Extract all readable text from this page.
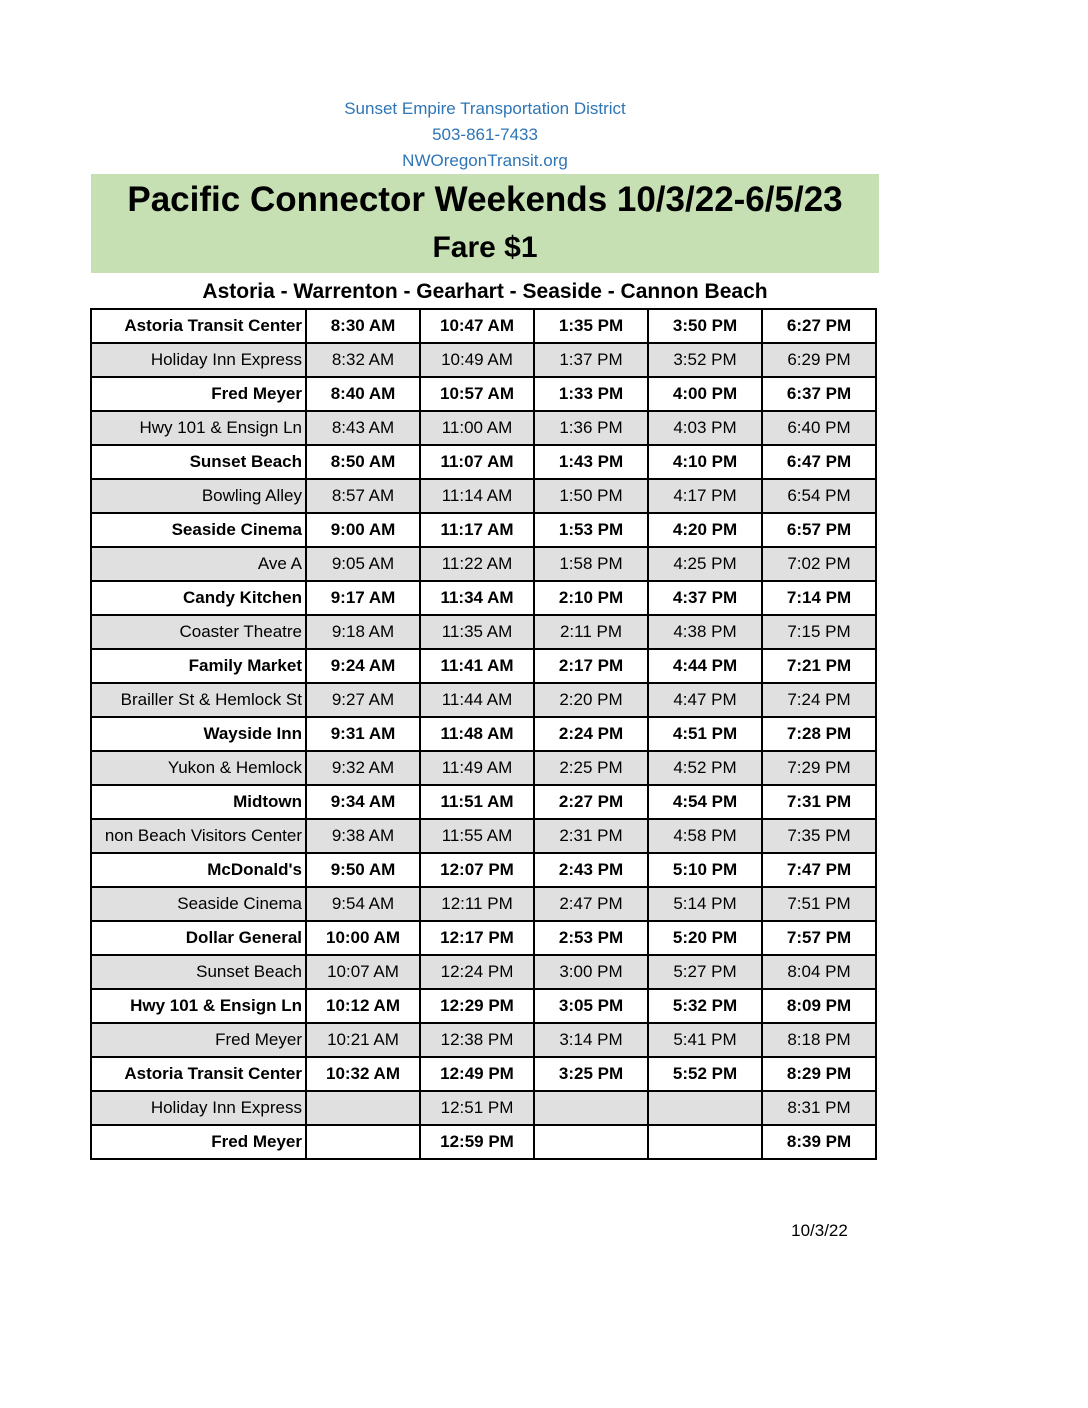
Sunset Empire Transportation District
503-861-7433
NWOregonTransit.org
Pacific Connector Weekends 10/3/22-6/5/23
Fare $1
Astoria - Warrenton - Gearhart - Seaside - Cannon Beach
Astoria Transit Center	8:30 AM	10:47 AM	1:35 PM	3:50 PM	6:27 PM
Holiday Inn Express	8:32 AM	10:49 AM	1:37 PM	3:52 PM	6:29 PM
Fred Meyer	8:40 AM	10:57 AM	1:33 PM	4:00 PM	6:37 PM
Hwy 101 & Ensign Ln	8:43 AM	11:00 AM	1:36 PM	4:03 PM	6:40 PM
Sunset Beach	8:50 AM	11:07 AM	1:43 PM	4:10 PM	6:47 PM
Bowling Alley	8:57 AM	11:14 AM	1:50 PM	4:17 PM	6:54 PM
Seaside Cinema	9:00 AM	11:17 AM	1:53 PM	4:20 PM	6:57 PM
Ave A	9:05 AM	11:22 AM	1:58 PM	4:25 PM	7:02 PM
Candy Kitchen	9:17 AM	11:34 AM	2:10 PM	4:37 PM	7:14 PM
Coaster Theatre	9:18 AM	11:35 AM	2:11 PM	4:38 PM	7:15 PM
Family Market	9:24 AM	11:41 AM	2:17 PM	4:44 PM	7:21 PM
Brailler St & Hemlock St	9:27 AM	11:44 AM	2:20 PM	4:47 PM	7:24 PM
Wayside Inn	9:31 AM	11:48 AM	2:24 PM	4:51 PM	7:28 PM
Yukon & Hemlock	9:32 AM	11:49 AM	2:25 PM	4:52 PM	7:29 PM
Midtown	9:34 AM	11:51 AM	2:27 PM	4:54 PM	7:31 PM
non Beach Visitors Center	9:38 AM	11:55 AM	2:31 PM	4:58 PM	7:35 PM
McDonald's	9:50 AM	12:07 PM	2:43 PM	5:10 PM	7:47 PM
Seaside Cinema	9:54 AM	12:11 PM	2:47 PM	5:14 PM	7:51 PM
Dollar General	10:00 AM	12:17 PM	2:53 PM	5:20 PM	7:57 PM
Sunset Beach	10:07 AM	12:24 PM	3:00 PM	5:27 PM	8:04 PM
Hwy 101 & Ensign Ln	10:12 AM	12:29 PM	3:05 PM	5:32 PM	8:09 PM
Fred Meyer	10:21 AM	12:38 PM	3:14 PM	5:41 PM	8:18 PM
Astoria Transit Center	10:32 AM	12:49 PM	3:25 PM	5:52 PM	8:29 PM
Holiday Inn Express		12:51 PM			8:31 PM
Fred Meyer		12:59 PM			8:39 PM
10/3/22
